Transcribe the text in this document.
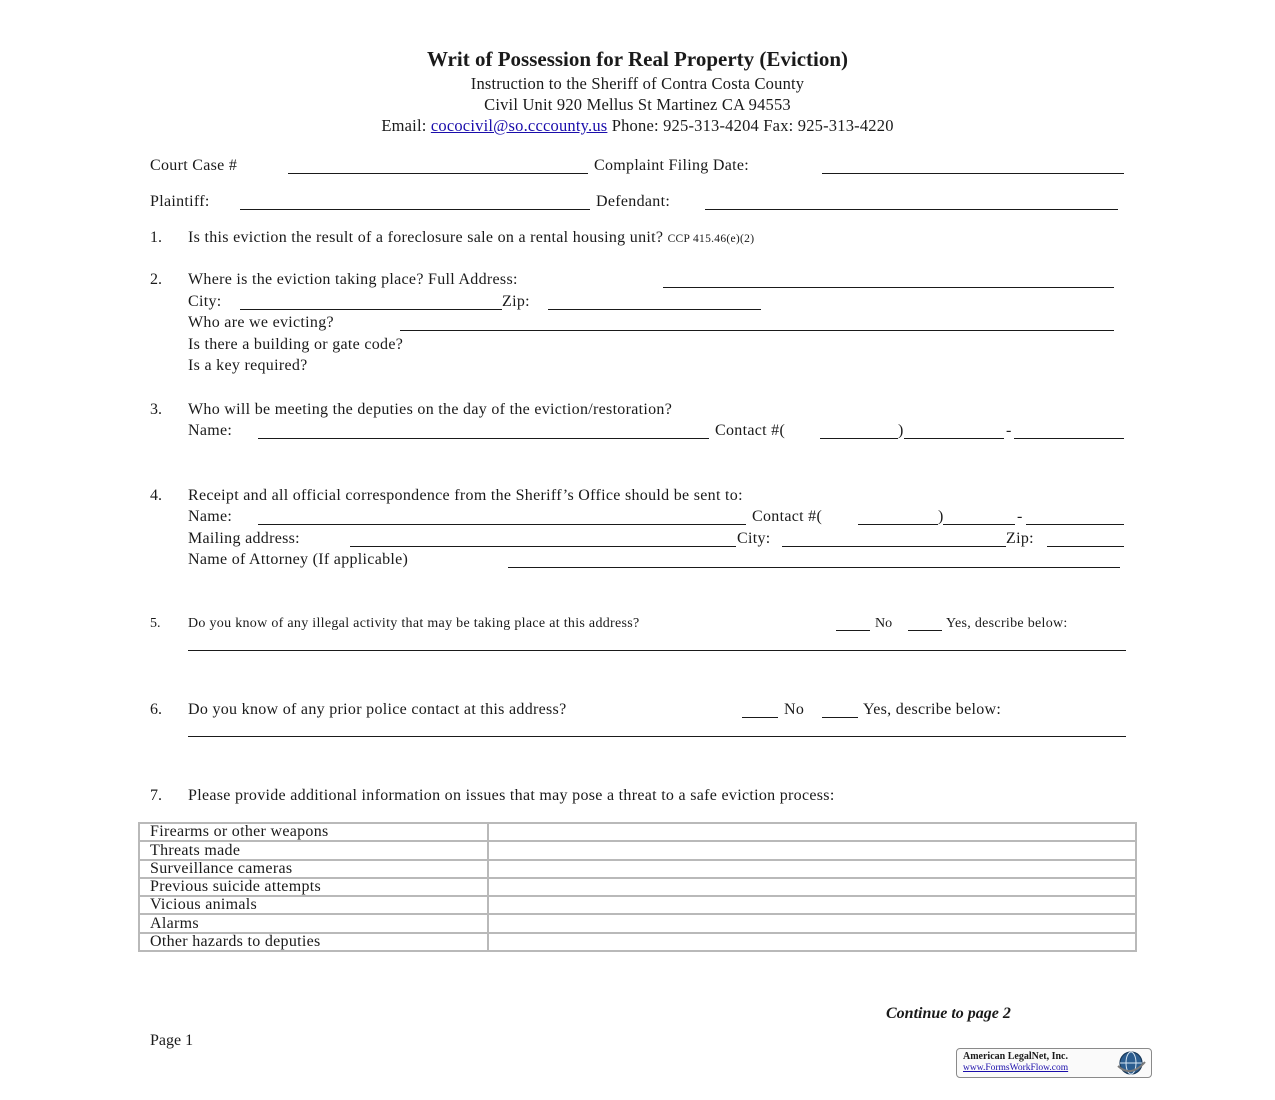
Writ of Possession for Real Property (Eviction)
Instruction to the Sheriff of Contra Costa County
Civil Unit 920 Mellus St Martinez CA 94553
Email: cococivil@so.cccounty.us Phone: 925-313-4204 Fax: 925-313-4220
Court Case #	Complaint Filing Date:
Plaintiff:	Defendant:
1. Is this eviction the result of a foreclosure sale on a rental housing unit? CCP 415.46(e)(2)
2. Where is the eviction taking place? Full Address:
City:	Zip:
Who are we evicting?
Is there a building or gate code?
Is a key required?
3. Who will be meeting the deputies on the day of the eviction/restoration?
Name:	Contact #(	)	-
4. Receipt and all official correspondence from the Sheriff’s Office should be sent to:
Name:	Contact #(	)	-
Mailing address:	City:	Zip:
Name of Attorney (If applicable)
5. Do you know of any illegal activity that may be taking place at this address?	No	Yes, describe below:
6. Do you know of any prior police contact at this address?	No	Yes, describe below:
7. Please provide additional information on issues that may pose a threat to a safe eviction process:
Firearms or other weapons	
Threats made	
Surveillance cameras	
Previous suicide attempts	
Vicious animals	
Alarms	
Other hazards to deputies	
Continue to page 2
Page 1
American LegalNet, Inc.
www.FormsWorkFlow.com
